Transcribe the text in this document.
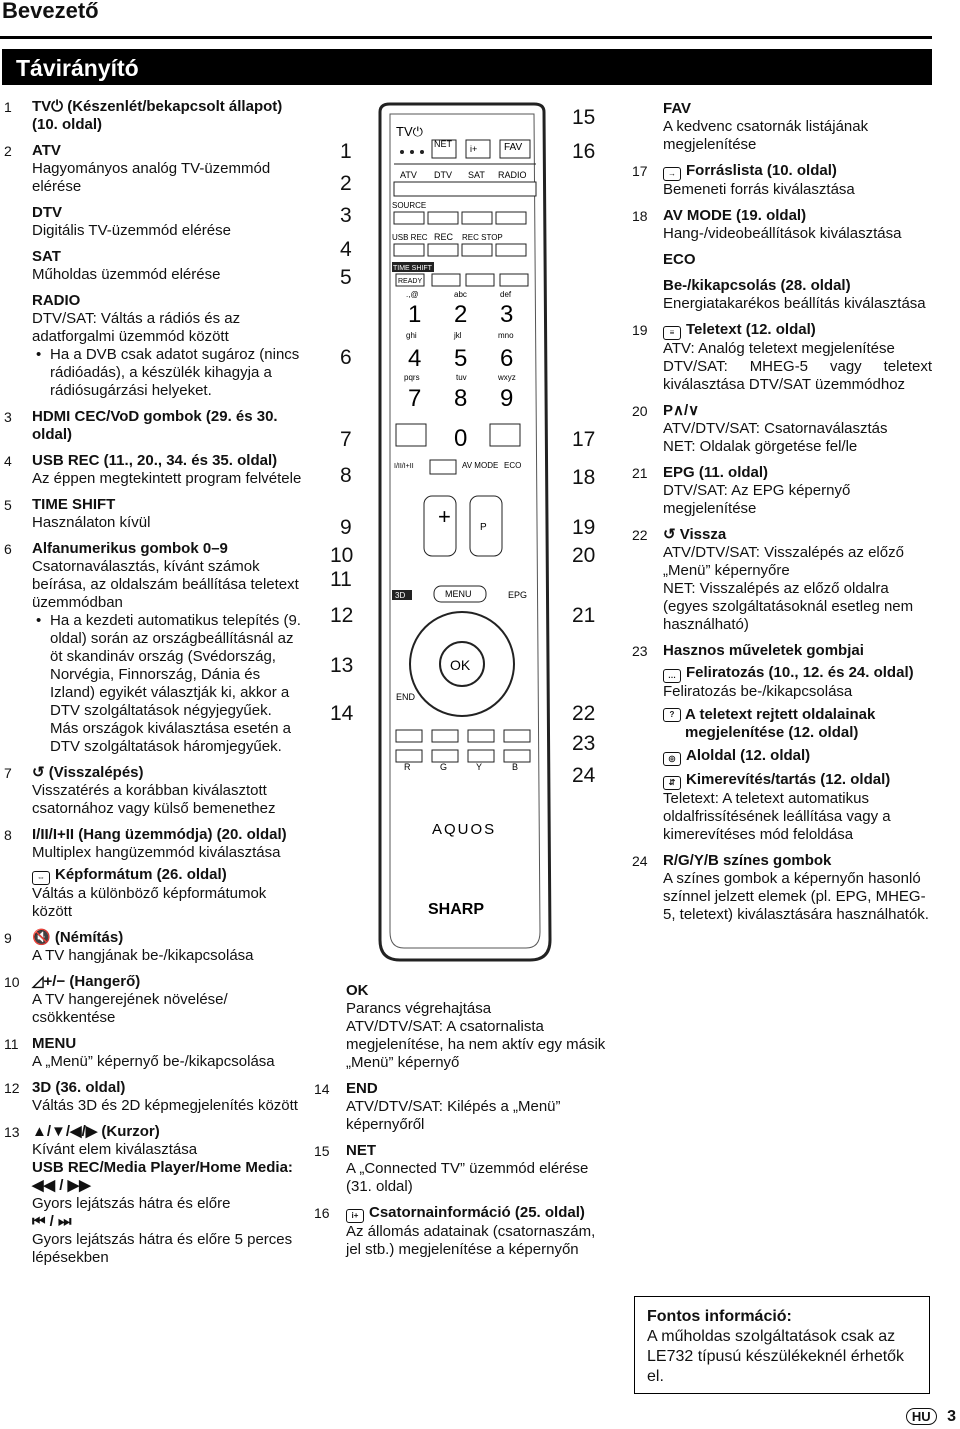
Bevezető
Távirányító
1 TV⏻ (Készenlét/bekapcsolt állapot) (10. oldal)
2 ATV
Hagyományos analóg TV-üzemmód elérése
DTV
Digitális TV-üzemmód elérése
SAT
Műholdas üzemmód elérése
RADIO
DTV/SAT: Váltás a rádiós és az adatforgalmi üzemmód között
• Ha a DVB csak adatot sugároz (nincs rádióadás), a készülék kihagyja a rádiósugárzási helyeket.
3 HDMI CEC/VoD gombok (29. és 30. oldal)
4 USB REC (11., 20., 34. és 35. oldal)
Az éppen megtekintett program felvétele
5 TIME SHIFT
Használaton kívül
6 Alfanumerikus gombok 0–9
Csatornaválasztás, kívánt számok beírása, az oldalszám beállítása teletext üzemmódban
• Ha a kezdeti automatikus telepítés (9. oldal) során az országbeállításnál az öt skandináv ország (Svédország, Norvégia, Finnország, Dánia és Izland) egyikét választják ki, akkor a DTV szolgáltatások négyjegyűek. Más országok kiválasztása esetén a DTV szolgáltatások háromjegyűek.
7 ↺ (Visszalépés)
Visszatérés a korábban kiválasztott csatornához vagy külső bemenethez
8 I/II/I+II (Hang üzemmódja) (20. oldal)
Multiplex hangüzemmód kiválasztása
⇔ Képformátum (26. oldal)
Váltás a különböző képformátumok között
9 🔇 (Némítás)
A TV hangjának be-/kikapcsolása
10 ◿+/− (Hangerő)
A TV hangerejének növelése/ csökkentése
11 MENU
A „Menü” képernyő be-/kikapcsolása
12 3D (36. oldal)
Váltás 3D és 2D képmegjelenítés között
13 ▲/▼/◀/▶ (Kurzor)
Kívánt elem kiválasztása
USB REC/Media Player/Home Media:
◀◀ / ▶▶
Gyors lejátszás hátra és előre
⏮ / ⏭
Gyors lejátszás hátra és előre 5 perces lépésekben
TV⏻
NET i+	FAV
ATV DTV SAT RADIO
SOURCE
USB REC REC REC STOP
TIME SHIFT
READY
.,@	abc	def
1 2 3
ghi	jkl	mno
4 5 6
pqrs	tuv	wxyz
7 8 9
0
I/II/I+II	AV MODE ECO
+	P
3D	MENU	EPG
OK
END
R	G	Y	B
AQUOS
SHARP
1
2
3
4
5
6
7
8
9
10
11
12
13
14
15
16
17
18
19
20
21
22
23
24
OK
Parancs végrehajtása
ATV/DTV/SAT: A csatornalista megjelenítése, ha nem aktív egy másik „Menü” képernyő
14 END
ATV/DTV/SAT: Kilépés a „Menü” képernyőről
15 NET
A „Connected TV” üzemmód elérése (31. oldal)
16	i+ Csatornainformáció (25. oldal)
Az állomás adatainak (csatornaszám, jel stb.) megjelenítése a képernyőn
FAV
A kedvenc csatornák listájának megjelenítése
17	→ Forráslista (10. oldal)
Bemeneti forrás kiválasztása
18 AV MODE (19. oldal)
Hang-/videobeállítások kiválasztása
ECO
Be-/kikapcsolás (28. oldal)
Energiatakarékos beállítás kiválasztása
19	≡ Teletext (12. oldal)
ATV: Analóg teletext megjelenítése
DTV/SAT: MHEG-5 vagy teletext kiválasztása DTV/SAT üzemmódhoz
20 P∧/∨
ATV/DTV/SAT: Csatornaválasztás
NET: Oldalak görgetése fel/le
21 EPG (11. oldal)
DTV/SAT: Az EPG képernyő megjelenítése
22 ↺ Vissza
ATV/DTV/SAT: Visszalépés az előző „Menü” képernyőre
NET: Visszalépés az előző oldalra (egyes szolgáltatásoknál esetleg nem használható)
23 Hasznos műveletek gombjai
… Feliratozás (10., 12. és 24. oldal)
Feliratozás be-/kikapcsolása
? A teletext rejtett oldalainak megjelenítése (12. oldal)
◎ Aloldal (12. oldal)
⇵ Kimerevítés/tartás (12. oldal)
Teletext: A teletext automatikus oldalfrissítésének leállítása vagy a kimerevítéses mód feloldása
24 R/G/Y/B színes gombok
A színes gombok a képernyőn hasonló színnel jelzett elemek (pl. EPG, MHEG-5, teletext) kiválasztására használhatók.
Fontos információ:
A műholdas szolgáltatások csak az LE732 típusú készülékeknél érhetők el.
HU 3
